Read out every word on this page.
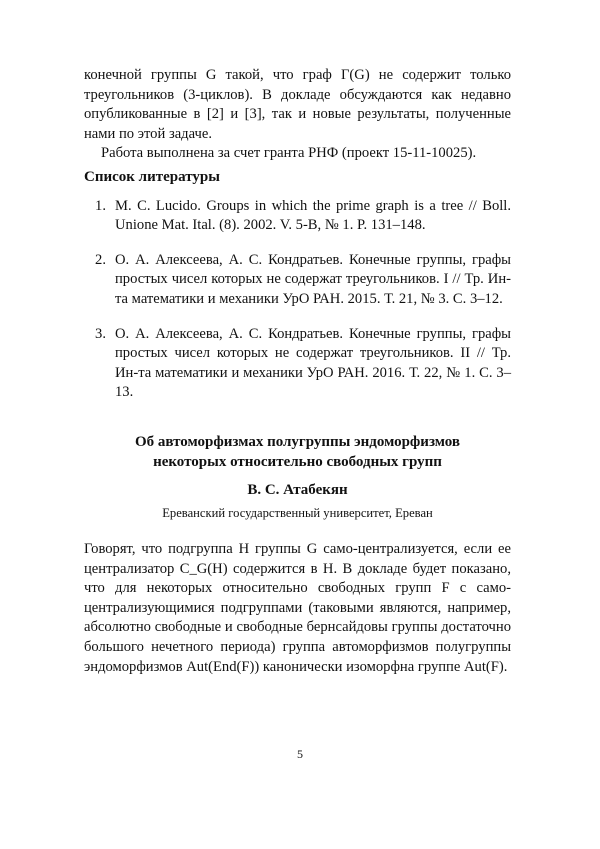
конечной группы G такой, что граф Γ(G) не содержит только треугольников (3-циклов). В докладе обсуждаются как недавно опубликованные в [2] и [3], так и новые результаты, полученные нами по этой задаче.

Работа выполнена за счет гранта РНФ (проект 15-11-10025).

Список литературы
1. M. C. Lucido. Groups in which the prime graph is a tree // Boll. Unione Mat. Ital. (8). 2002. V. 5-B, № 1. P. 131–148.
2. О. А. Алексеева, А. С. Кондратьев. Конечные группы, графы простых чисел которых не содержат треугольников. I // Тр. Ин-та математики и механики УрО РАН. 2015. Т. 21, № 3. С. 3–12.
3. О. А. Алексеева, А. С. Кондратьев. Конечные группы, графы простых чисел которых не содержат треугольников. II // Тр. Ин-та математики и механики УрО РАН. 2016. Т. 22, № 1. С. 3–13.
Об автоморфизмах полугруппы эндоморфизмов
некоторых относительно свободных групп
В. С. Атабекян
Ереванский государственный университет, Ереван

Говорят, что подгруппа H группы G само-централизуется, если ее централизатор C_G(H) содержится в H. В докладе будет показано, что для некоторых относительно свободных групп F с само-централизующимися подгруппами (таковыми являются, например, абсолютно свободные и свободные бернсайдовы группы достаточно большого нечетного периода) группа автоморфизмов полугруппы эндоморфизмов Aut(End(F)) канонически изоморфна группе Aut(F).

5
